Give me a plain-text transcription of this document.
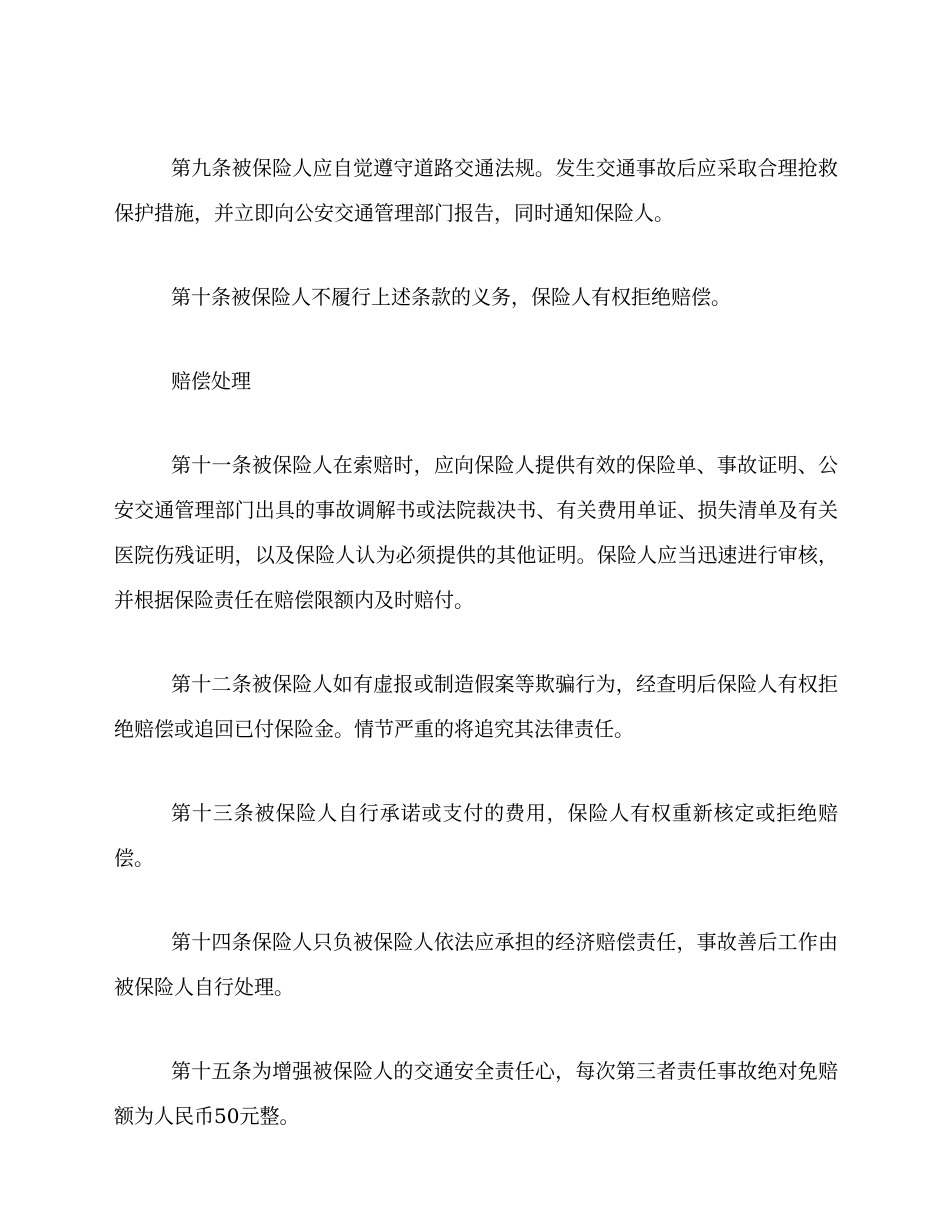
第九条被保险人应自觉遵守道路交通法规。发生交通事故后应采取合理抢救保护措施，并立即向公安交通管理部门报告，同时通知保险人。

第十条被保险人不履行上述条款的义务，保险人有权拒绝赔偿。

赔偿处理

第十一条被保险人在索赔时，应向保险人提供有效的保险单、事故证明、公安交通管理部门出具的事故调解书或法院裁决书、有关费用单证、损失清单及有关医院伤残证明，以及保险人认为必须提供的其他证明。保险人应当迅速进行审核，并根据保险责任在赔偿限额内及时赔付。

第十二条被保险人如有虚报或制造假案等欺骗行为，经查明后保险人有权拒绝赔偿或追回已付保险金。情节严重的将追究其法律责任。

第十三条被保险人自行承诺或支付的费用，保险人有权重新核定或拒绝赔偿。

第十四条保险人只负被保险人依法应承担的经济赔偿责任，事故善后工作由被保险人自行处理。

第十五条为增强被保险人的交通安全责任心，每次第三者责任事故绝对免赔额为人民币50元整。
